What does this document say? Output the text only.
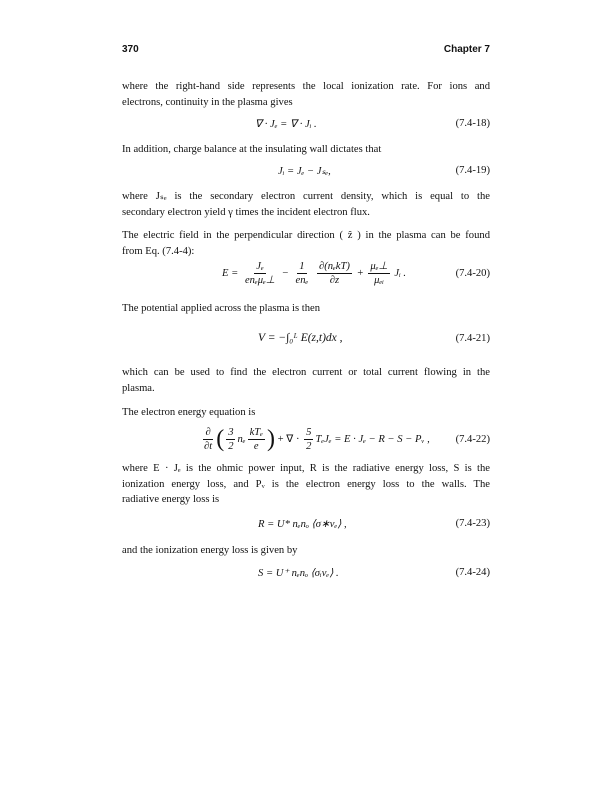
370	Chapter 7
where the right-hand side represents the local ionization rate. For ions and
electrons, continuity in the plasma gives
∇ · Jₑ = ∇ · Jᵢ .	(7.4-18)
In addition, charge balance at the insulating wall dictates that
Jᵢ = Jₑ − Jₛₑ,	(7.4-19)
where Jₛₑ is the secondary electron current density, which is equal to the
secondary electron yield γ times the incident electron flux.
The electric field in the perpendicular direction ( ẑ ) in the plasma can be found
from Eq. (7.4-4):
$E = \frac{\text{Jₑ}}{\text{enₑμₑ⊥}} - \frac{1}{\text{enₑ}}$
$\frac{\text{∂(nₑkT)}}{\partial z} + \frac{\text{μₑ⊥}}{\text{μₑᵢ}}$ Jᵢ .	(7.4-20)
The potential applied across the plasma is then
V = −∫₀ᴸ E(z,t)dx ,	(7.4-21)
which can be used to find the electron current or total current flowing in the
plasma.
The electron energy equation is
$\frac{\partial}{\partial t}$ ( $\frac{3}{2}$ nₑ $\frac{\text{kTₑ}}{e}$ ) + ∇ · $\frac{5}{2}$ TₑJₑ = E · Jₑ − R − S − Pᵥ , (7.4-22)
where E · Jₑ is the ohmic power input, R is the radiative energy loss, S is the
ionization energy loss, and Pᵥ is the electron energy loss to the walls. The
radiative energy loss is
R = U* nₑnₒ ⟨σ∗vₑ⟩ ,	(7.4-23)
and the ionization energy loss is given by
S = U⁺ nₑnₒ ⟨σᵢvₑ⟩ .	(7.4-24)
